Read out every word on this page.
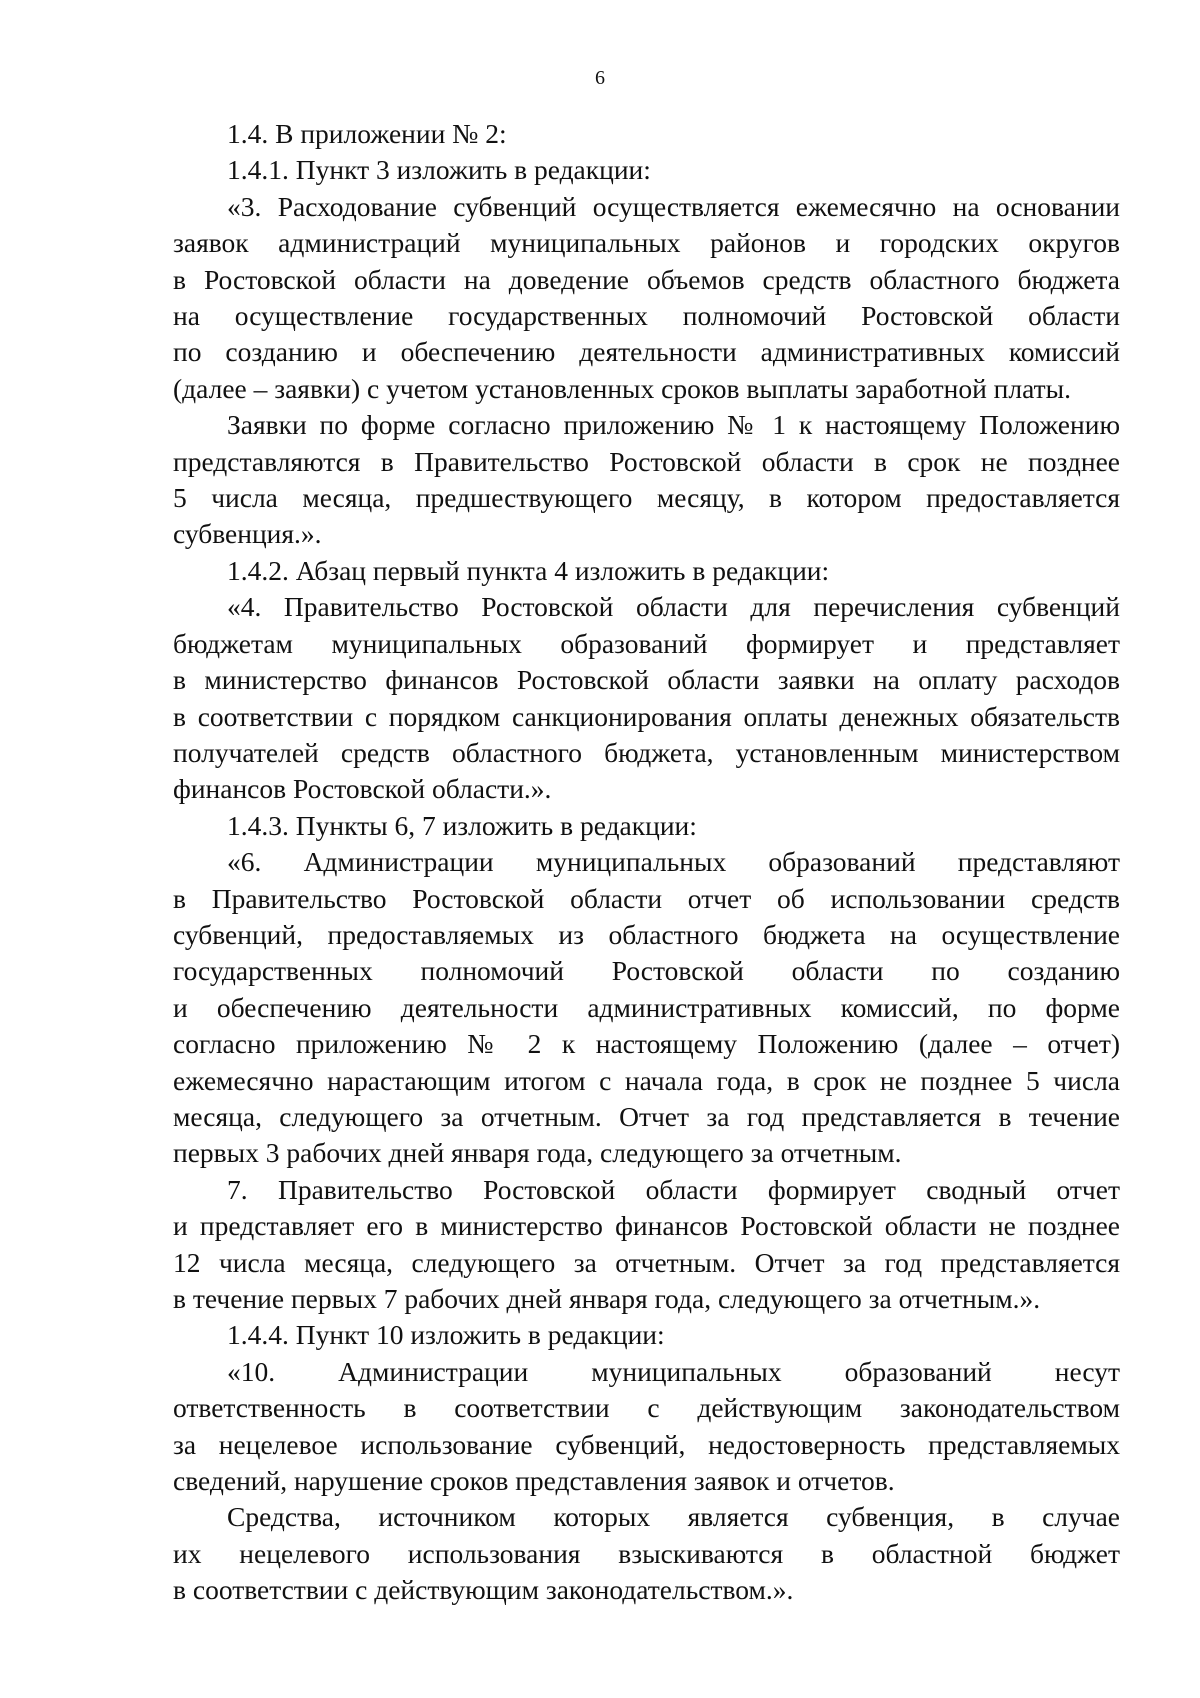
6
1.4. В приложении № 2:
1.4.1. Пункт 3 изложить в редакции:
«3. Расходование субвенций осуществляется ежемесячно на основании
заявок администраций муниципальных районов и городских округов
в Ростовской области на доведение объемов средств областного бюджета
на осуществление государственных полномочий Ростовской области
по созданию и обеспечению деятельности административных комиссий
(далее – заявки) с учетом установленных сроков выплаты заработной платы.
Заявки по форме согласно приложению № 1 к настоящему Положению
представляются в Правительство Ростовской области в срок не позднее
5 числа месяца, предшествующего месяцу, в котором предоставляется
субвенция.».
1.4.2. Абзац первый пункта 4 изложить в редакции:
«4. Правительство Ростовской области для перечисления субвенций
бюджетам муниципальных образований формирует и представляет
в министерство финансов Ростовской области заявки на оплату расходов
в соответствии с порядком санкционирования оплаты денежных обязательств
получателей средств областного бюджета, установленным министерством
финансов Ростовской области.».
1.4.3. Пункты 6, 7 изложить в редакции:
«6. Администрации муниципальных образований представляют
в Правительство Ростовской области отчет об использовании средств
субвенций, предоставляемых из областного бюджета на осуществление
государственных полномочий Ростовской области по созданию
и обеспечению деятельности административных комиссий, по форме
согласно приложению № 2 к настоящему Положению (далее – отчет)
ежемесячно нарастающим итогом с начала года, в срок не позднее 5 числа
месяца, следующего за отчетным. Отчет за год представляется в течение
первых 3 рабочих дней января года, следующего за отчетным.
7. Правительство Ростовской области формирует сводный отчет
и представляет его в министерство финансов Ростовской области не позднее
12 числа месяца, следующего за отчетным. Отчет за год представляется
в течение первых 7 рабочих дней января года, следующего за отчетным.».
1.4.4. Пункт 10 изложить в редакции:
«10. Администрации муниципальных образований несут
ответственность в соответствии с действующим законодательством
за нецелевое использование субвенций, недостоверность представляемых
сведений, нарушение сроков представления заявок и отчетов.
Средства, источником которых является субвенция, в случае
их нецелевого использования взыскиваются в областной бюджет
в соответствии с действующим законодательством.».
